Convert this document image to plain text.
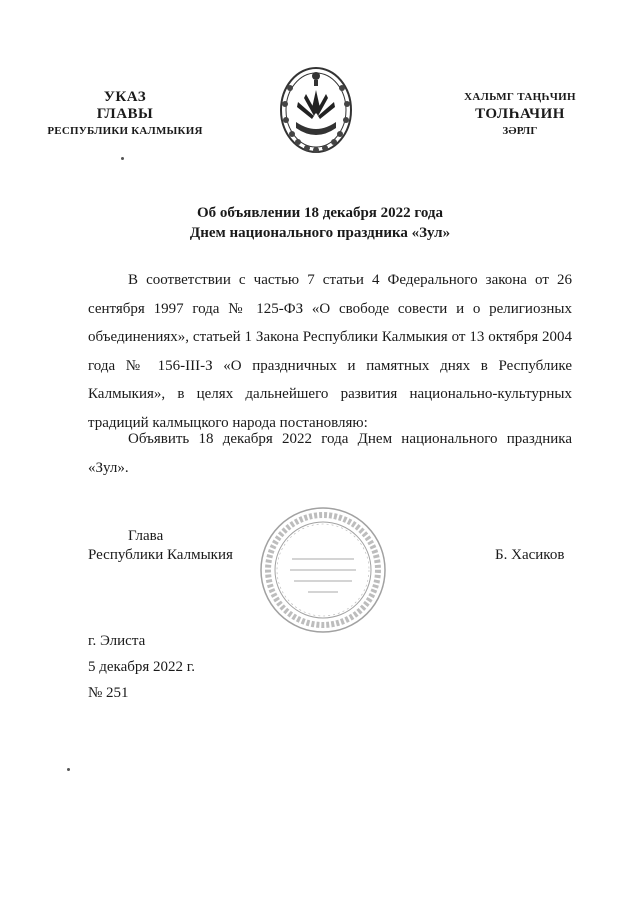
УКАЗ
ГЛАВЫ
РЕСПУБЛИКИ КАЛМЫКИЯ
ХАЛЬМГ ТАҢҺЧИН
ТОЛҺАЧИН
ЗӘРЛГ
Об объявлении 18 декабря 2022 года
Днем национального праздника «Зул»
В соответствии с частью 7 статьи 4 Федерального закона от 26 сентября 1997 года № 125-ФЗ «О свободе совести и о религиозных объединениях», статьей 1 Закона Республики Калмыкия от 13 октября 2004 года № 156-III-З «О праздничных и памятных днях в Республике Калмыкия», в целях дальнейшего развития национально-культурных традиций калмыцкого народа постановляю:
Объявить 18 декабря 2022 года Днем национального праздника «Зул».
Глава
Республики Калмыкия	Б. Хасиков
г. Элиста
5 декабря 2022 г.
№ 251
